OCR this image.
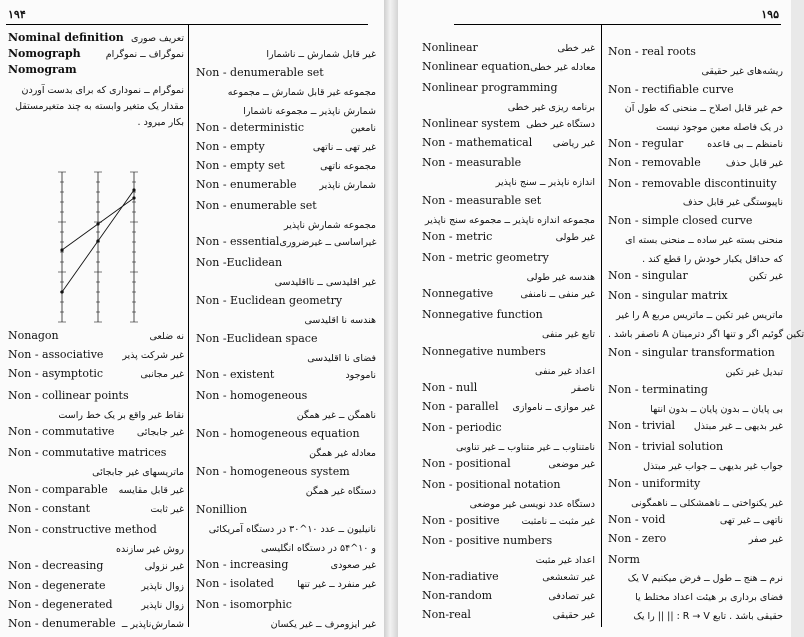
۱۹۴
Nominal definition تعریف صوری
Nomograph	نموگراف ــ نموگرام
Nomogram
نموگرام ــ نموداری که برای بدست آوردن
مقدار یک متغیر وابسته به چند متغیرمستقل
بکار میرود .
Nonagon	نه ضلعی
Non - associative غیر شرکت پذیر
Non - asymptotic	غیر مجانبی
Non - collinear points
نقاط غیر واقع بر یک خط راست
Non - commutative غیر جابجائی
Non - commutative matrices
ماتریسهای غیر جابجائی
Non - comparable غیر قابل مقایسه
Non - constant	غیر ثابت
Non - constructive method
روش غیر سازنده
Non - decreasing	غیر نزولی
Non - degenerate	زوال ناپذیر
Non - degenerated	زوال ناپذیر
Non - denumerable شمارش‌ناپذیر ــ
غیر قابل شمارش ــ ناشمارا
Non - denumerable set
مجموعه غیر قابل شمارش ــ مجموعه
شمارش ناپذیر ــ مجموعه ناشمارا
Non - deterministic	نامعین
Non - empty	غیر تهی ــ ناتهی
Non - empty set	مجموعه ناتهی
Non - enumerable شمارش ناپذیر
Non - enumerable set
مجموعه شمارش ناپذیر
Non - essential غیراساسی ــ غیرضروری
Non -Euclidean
غیر اقلیدسی ــ نااقلیدسی
Non - Euclidean geometry
هندسه نا اقلیدسی
Non -Euclidean space
فضای نا اقلیدسی
Non - existent	ناموجود
Non - homogeneous
ناهمگن ــ غیر همگن
Non - homogeneous equation
معادله غیر همگن
Non - homogeneous system
دستگاه غیر همگن
Nonillion
نانیلیون ــ عدد ۱۰^۳۰ در دستگاه آمریکائی
و ۱۰^۵۴ در دستگاه انگلیسی
Non - increasing	غیر صعودی
Non - isolated غیر منفرد ــ غیر تنها
Non - isomorphic
غیر ایزومرف ــ غیر یکسان
۱۹۵
Nonlinear	غیر خطی
Nonlinear equation معادله غیر خطی
Nonlinear programming
برنامه ریزی غیر خطی
Nonlinear system دستگاه غیر خطی
Non - mathematical غیر ریاضی
Non - measurable
اندازه ناپذیر ــ سنج ناپذیر
Non - measurable set
مجموعه اندازه ناپذیر ــ مجموعه سنج ناپذیر
Non - metric	غیر طولی
Non - metric geometry
هندسه غیر طولی
Nonnegative	غیر منفی ــ نامنفی
Nonnegative function
تابع غیر منفی
Nonnegative numbers
اعداد غیر منفی
Non - null	ناصفر
Non - parallel غیر موازی ــ ناموازی
Non - periodic
نامتناوب ــ غیر متناوب ــ غیر تناوبی
Non - positional	غیر موضعی
Non - positional notation
دستگاه عدد نویسی غیر موضعی
Non - positive غیر مثبت ــ نامثبت
Non - positive numbers
اعداد غیر مثبت
Non-radiative	غیر تشعشعی
Non-random	غیر تصادفی
Non-real	غیر حقیقی
Non - real roots
ریشه‌های غیر حقیقی
Non - rectifiable curve
خم غیر قابل اصلاح ــ منحنی که طول آن
در یک فاصله معین موجود نیست
Non - regular	نامنظم ــ بی قاعده
Non - removable	غیر قابل حذف
Non - removable discontinuity
ناپیوستگی غیر قابل حذف
Non - simple closed curve
منحنی بسته غیر ساده ــ منحنی بسته ای
که حداقل یکبار خودش را قطع کند .
Non - singular	غیر تکین
Non - singular matrix
ماتریس غیر تکین ــ ماتریس مربع A را غیر
تکین گوئیم اگر و تنها اگر دترمینان A ناصفر باشد .
Non - singular transformation
تبدیل غیر تکین
Non - terminating
بی پایان ــ بدون پایان ــ بدون انتها
Non - trivial غیر بدیهی ــ غیر مبتذل
Non - trivial solution
جواب غیر بدیهی ــ جواب غیر مبتذل
Non - uniformity
غیر یکنواختی ــ ناهمشکلی ــ ناهمگونی
Non - void	ناتهی ــ غیر تهی
Non - zero	غیر صفر
Norm
نرم ــ هنج ــ طول ــ فرض میکنیم V یک
فضای برداری بر هیئت اعداد مختلط یا
حقیقی باشد . تابع R → V : || || را یک
